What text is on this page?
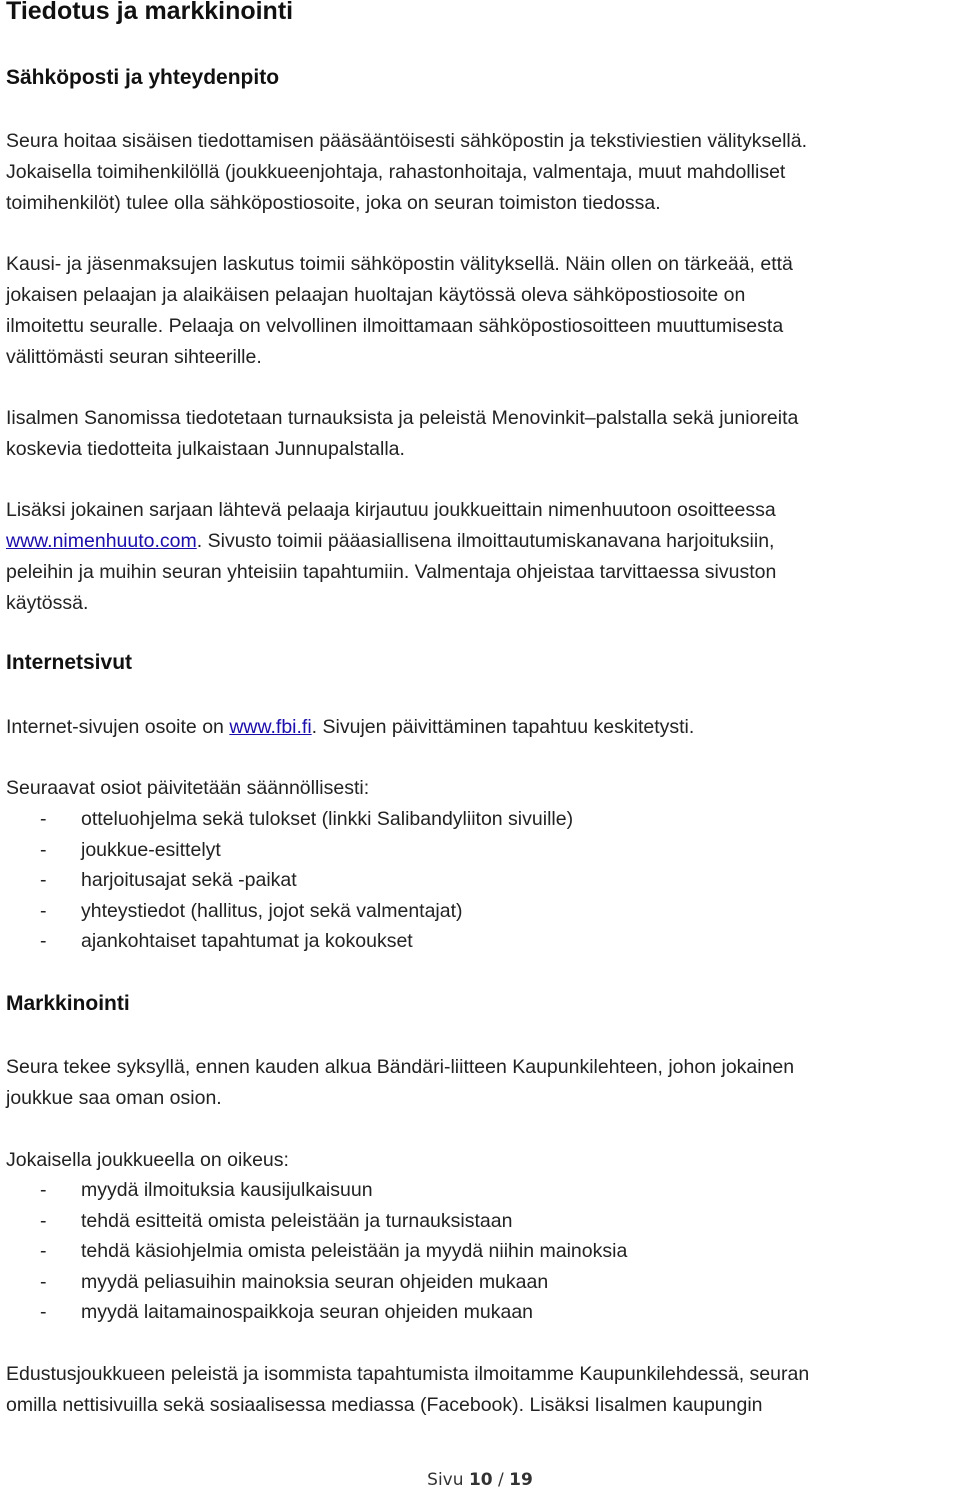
Tiedotus ja markkinointi
Sähköposti ja yhteydenpito
Seura hoitaa sisäisen tiedottamisen pääsääntöisesti sähköpostin ja tekstiviestien välityksellä.
Jokaisella toimihenkilöllä (joukkueenjohtaja, rahastonhoitaja, valmentaja, muut mahdolliset
toimihenkilöt) tulee olla sähköpostiosoite, joka on seuran toimiston tiedossa.
Kausi- ja jäsenmaksujen laskutus toimii sähköpostin välityksellä. Näin ollen on tärkeää, että
jokaisen pelaajan ja alaikäisen pelaajan huoltajan käytössä oleva sähköpostiosoite on
ilmoitettu seuralle. Pelaaja on velvollinen ilmoittamaan sähköpostiosoitteen muuttumisesta
välittömästi seuran sihteerille.
Iisalmen Sanomissa tiedotetaan turnauksista ja peleistä Menovinkit–palstalla sekä junioreita
koskevia tiedotteita julkaistaan Junnupalstalla.
Lisäksi jokainen sarjaan lähtevä pelaaja kirjautuu joukkueittain nimenhuutoon osoitteessa
www.nimenhuuto.com. Sivusto toimii pääasiallisena ilmoittautumiskanavana harjoituksiin,
peleihin ja muihin seuran yhteisiin tapahtumiin. Valmentaja ohjeistaa tarvittaessa sivuston
käytössä.
Internetsivut
Internet-sivujen osoite on www.fbi.fi. Sivujen päivittäminen tapahtuu keskitetysti.
Seuraavat osiot päivitetään säännöllisesti:
- otteluohjelma sekä tulokset (linkki Salibandyliiton sivuille)
- joukkue-esittelyt
- harjoitusajat sekä -paikat
- yhteystiedot (hallitus, jojot sekä valmentajat)
- ajankohtaiset tapahtumat ja kokoukset
Markkinointi
Seura tekee syksyllä, ennen kauden alkua Bändäri-liitteen Kaupunkilehteen, johon jokainen
joukkue saa oman osion.
Jokaisella joukkueella on oikeus:
- myydä ilmoituksia kausijulkaisuun
- tehdä esitteitä omista peleistään ja turnauksistaan
- tehdä käsiohjelmia omista peleistään ja myydä niihin mainoksia
- myydä peliasuihin mainoksia seuran ohjeiden mukaan
- myydä laitamainospaikkoja seuran ohjeiden mukaan
Edustusjoukkueen peleistä ja isommista tapahtumista ilmoitamme Kaupunkilehdessä, seuran
omilla nettisivuilla sekä sosiaalisessa mediassa (Facebook). Lisäksi Iisalmen kaupungin
Sivu 10 / 19
